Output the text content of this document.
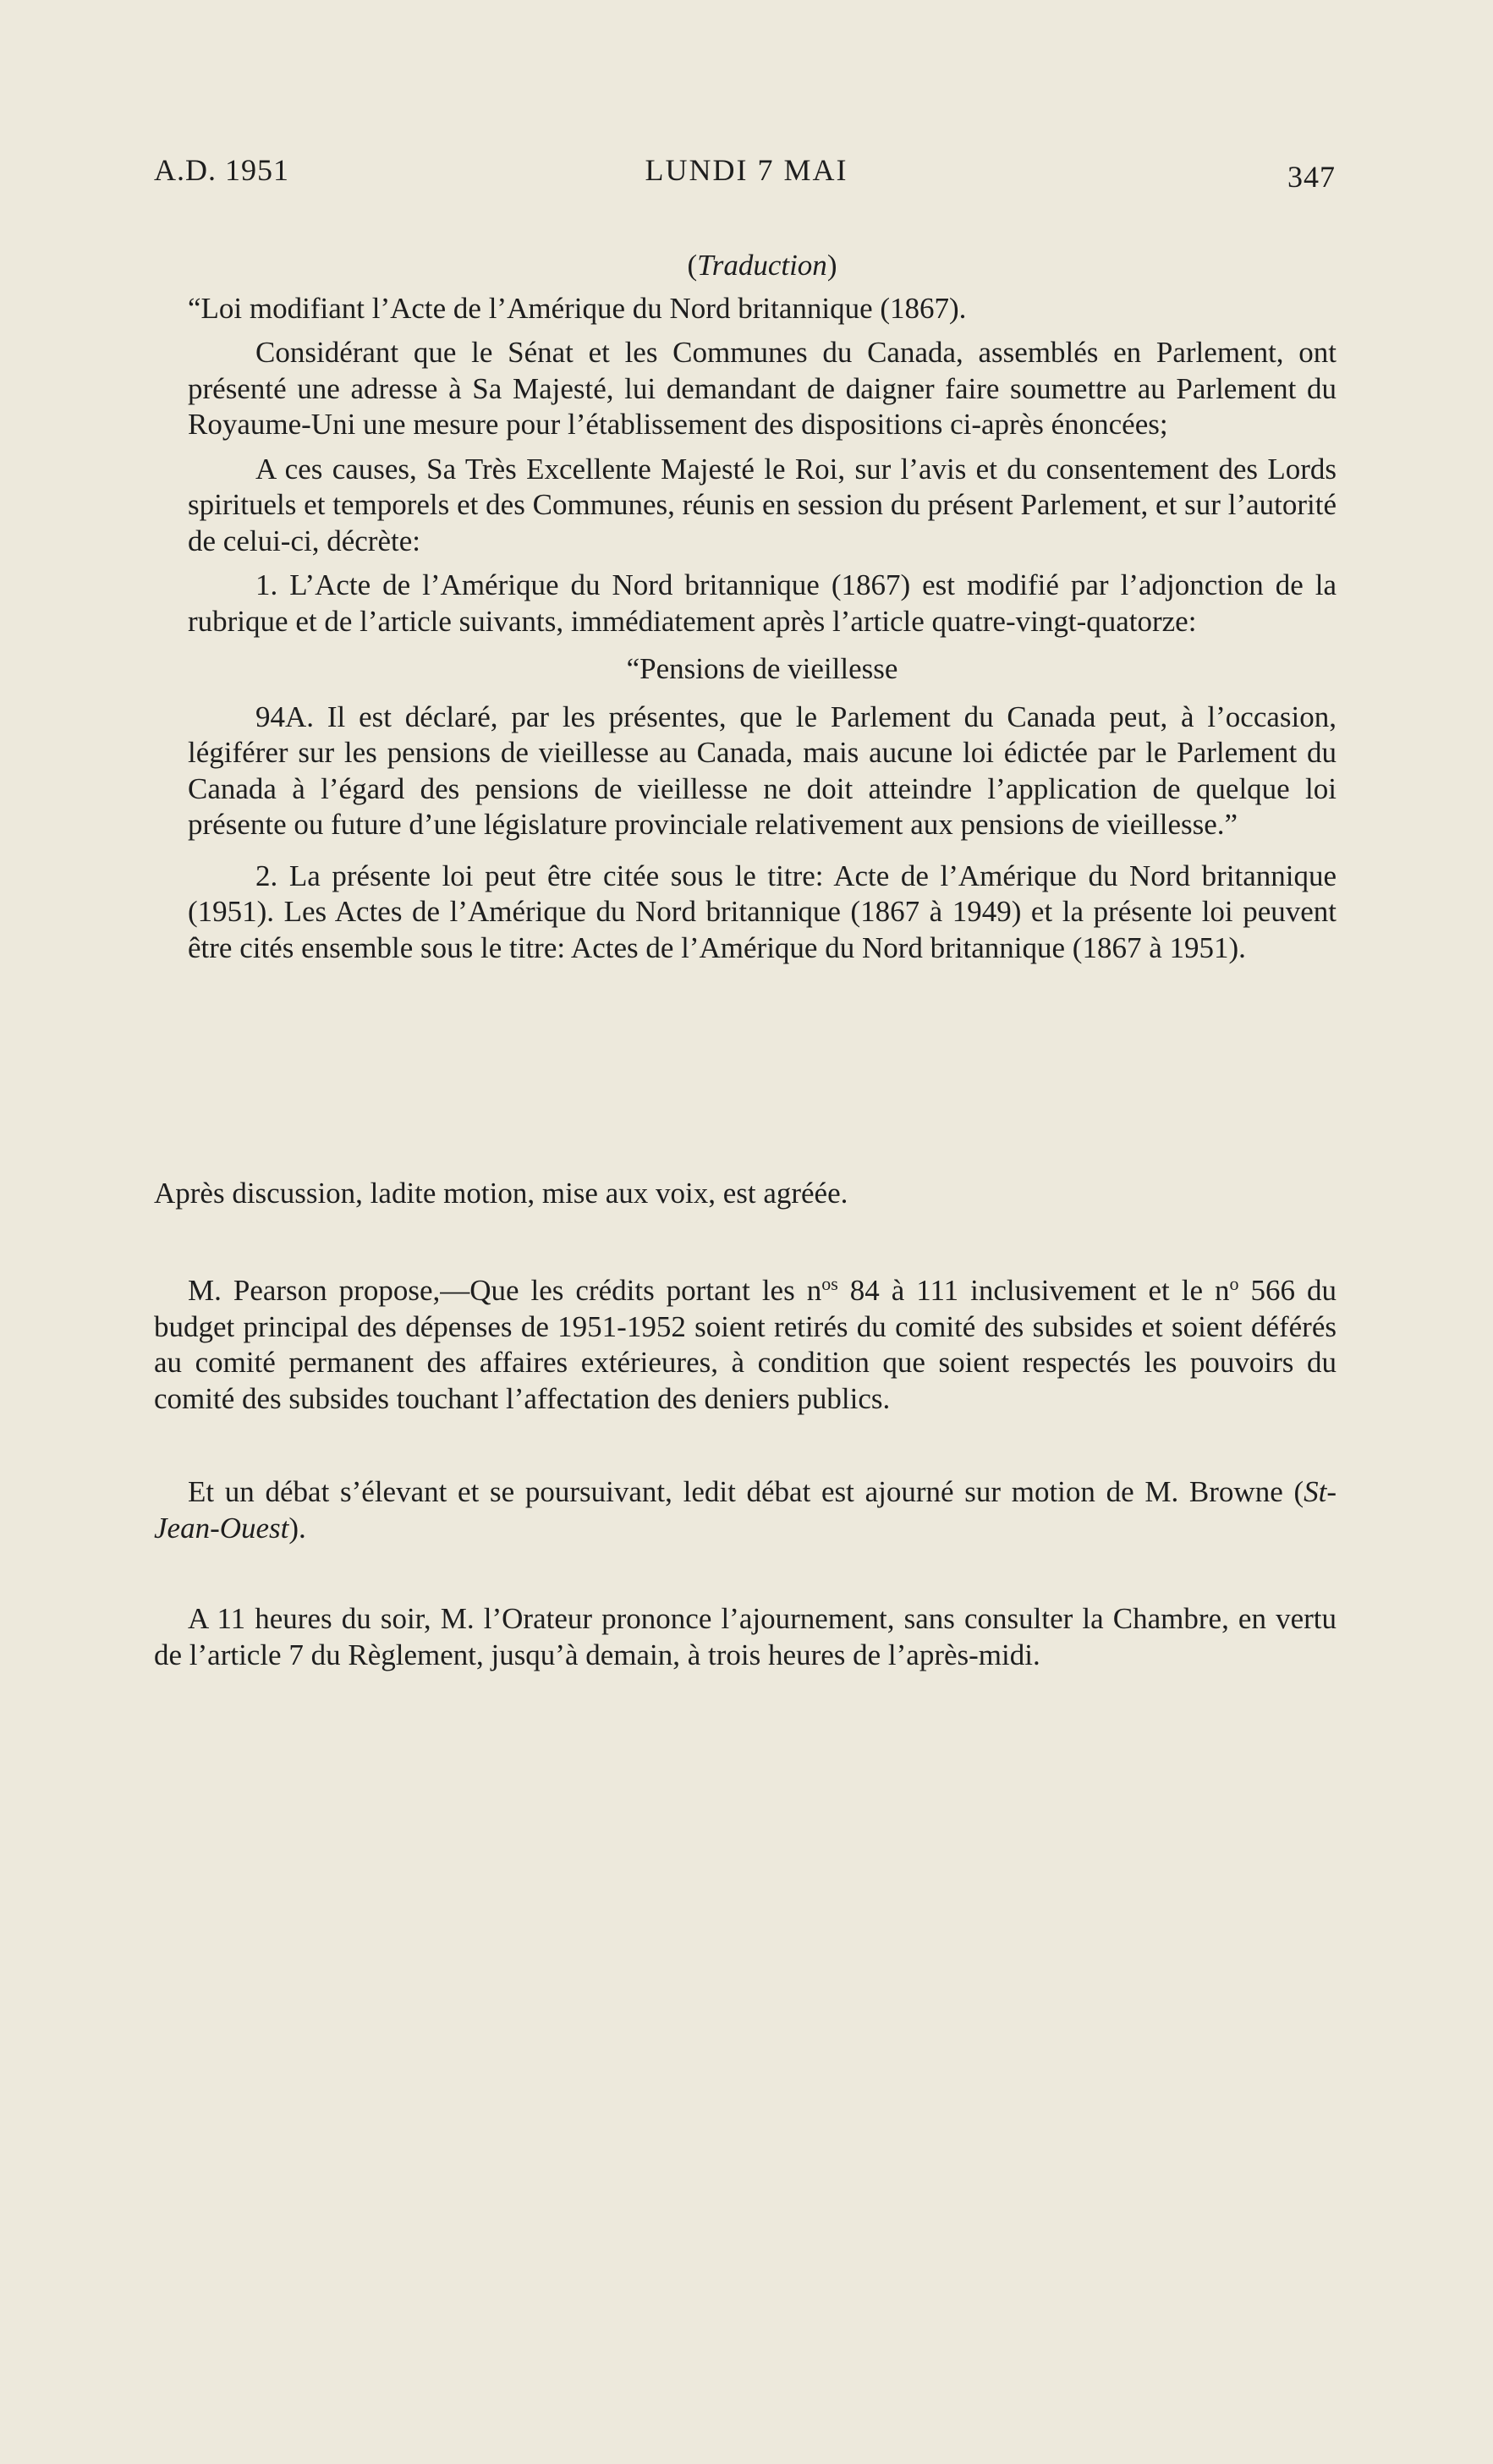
A.D. 1951	LUNDI 7 MAI	347

(Traduction)

“Loi modifiant l’Acte de l’Amérique du Nord britannique (1867).

Considérant que le Sénat et les Communes du Canada, assemblés en Parlement, ont présenté une adresse à Sa Majesté, lui demandant de daigner faire soumettre au Parlement du Royaume-Uni une mesure pour l’établissement des dispositions ci-après énoncées;

A ces causes, Sa Très Excellente Majesté le Roi, sur l’avis et du consentement des Lords spirituels et temporels et des Communes, réunis en session du présent Parlement, et sur l’autorité de celui-ci, décrète:

1. L’Acte de l’Amérique du Nord britannique (1867) est modifié par l’adjonction de la rubrique et de l’article suivants, immédiatement après l’article quatre-vingt-quatorze:

“Pensions de vieillesse

94A. Il est déclaré, par les présentes, que le Parlement du Canada peut, à l’occasion, légiférer sur les pensions de vieillesse au Canada, mais aucune loi édictée par le Parlement du Canada à l’égard des pensions de vieillesse ne doit atteindre l’application de quelque loi présente ou future d’une législature provinciale relativement aux pensions de vieillesse.”

2. La présente loi peut être citée sous le titre: Acte de l’Amérique du Nord britannique (1951). Les Actes de l’Amérique du Nord britannique (1867 à 1949) et la présente loi peuvent être cités ensemble sous le titre: Actes de l’Amérique du Nord britannique (1867 à 1951).

Après discussion, ladite motion, mise aux voix, est agréée.

M. Pearson propose,—Que les crédits portant les $n^{os}$ 84 à 111 inclusivement et le $n^o$ 566 du budget principal des dépenses de 1951-1952 soient retirés du comité des subsides et soient déférés au comité permanent des affaires extérieures, à condition que soient respectés les pouvoirs du comité des subsides touchant l’affectation des deniers publics.

Et un débat s’élevant et se poursuivant, ledit débat est ajourné sur motion de M. Browne (St-Jean-Ouest).

A 11 heures du soir, M. l’Orateur prononce l’ajournement, sans consulter la Chambre, en vertu de l’article 7 du Règlement, jusqu’à demain, à trois heures de l’après-midi.
